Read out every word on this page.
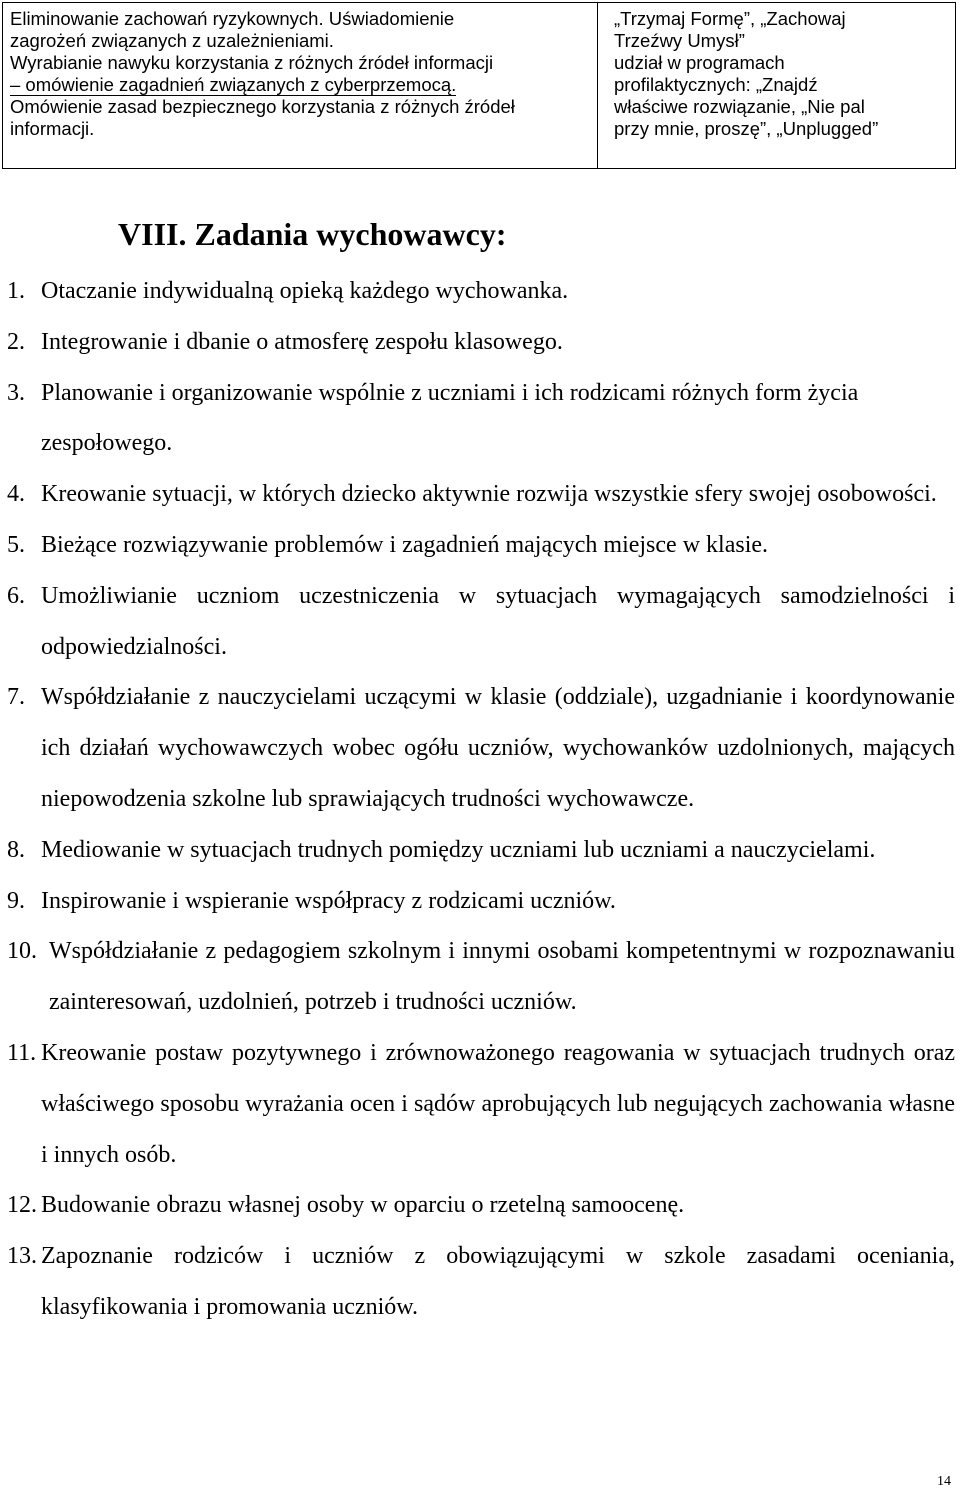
Eliminowanie zachowań ryzykownych. Uświadomienie
zagrożeń związanych z uzależnieniami.
Wyrabianie nawyku korzystania z różnych źródeł informacji
– omówienie zagadnień związanych z cyberprzemocą.
Omówienie zasad bezpiecznego korzystania z różnych źródeł
informacji.
„Trzymaj Formę”, „Zachowaj
Trzeźwy Umysł”
udział w programach
profilaktycznych: „Znajdź
właściwe rozwiązanie, „Nie pal
przy mnie, proszę”, „Unplugged”
VIII. Zadania wychowawcy:
1. Otaczanie indywidualną opieką każdego wychowanka.
2. Integrowanie i dbanie o atmosferę zespołu klasowego.
3. Planowanie i organizowanie wspólnie z uczniami i ich rodzicami różnych form życia zespołowego.
4. Kreowanie sytuacji, w których dziecko aktywnie rozwija wszystkie sfery swojej osobowości.
5. Bieżące rozwiązywanie problemów i zagadnień mających miejsce w klasie.
6. Umożliwianie uczniom uczestniczenia w sytuacjach wymagających samodzielności i odpowiedzialności.
7. Współdziałanie z nauczycielami uczącymi w klasie (oddziale), uzgadnianie i koordynowanie ich działań wychowawczych wobec ogółu uczniów, wychowanków uzdolnionych, mających niepowodzenia szkolne lub sprawiających trudności wychowawcze.
8. Mediowanie w sytuacjach trudnych pomiędzy uczniami lub uczniami a nauczycielami.
9. Inspirowanie i wspieranie współpracy z rodzicami uczniów.
10. Współdziałanie z pedagogiem szkolnym i innymi osobami kompetentnymi w rozpoznawaniu zainteresowań, uzdolnień, potrzeb i trudności uczniów.
11. Kreowanie postaw pozytywnego i zrównoważonego reagowania w sytuacjach trudnych oraz właściwego sposobu wyrażania ocen i sądów aprobujących lub negujących zachowania własne i innych osób.
12. Budowanie obrazu własnej osoby w oparciu o rzetelną samoocenę.
13. Zapoznanie rodziców i uczniów z obowiązującymi w szkole zasadami oceniania, klasyfikowania i promowania uczniów.
14
